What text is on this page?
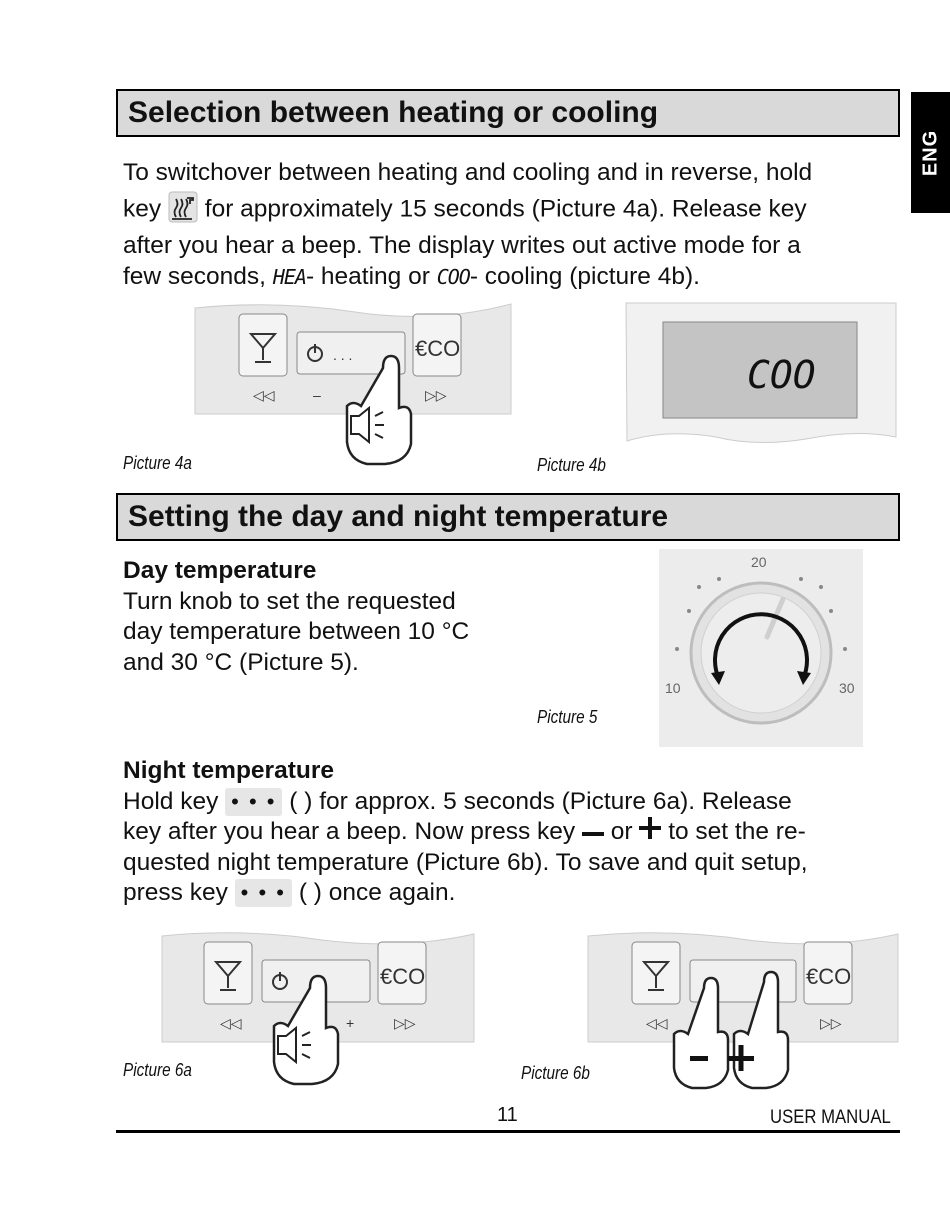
ENG
Selection between heating or cooling

To switchover between heating and cooling and in reverse, hold

key for approximately 15 seconds (Picture 4a). Release key

after you hear a beep. The display writes out active mode for a

few seconds, HEA- heating or COO- cooling (picture 4b).

. . .	€CO
◁◁	–	▷▷
Picture 4a
COO
Picture 4b
Setting the day and night temperature

Day temperature

Turn knob to set the requested

day temperature between 10 °C

and 30 °C (Picture 5).

20
10	30
Picture 5

Night temperature

Hold key • • • ( ) for approx. 5 seconds (Picture 6a). Release

key after you hear a beep. Now press key or to set the re-

quested night temperature (Picture 6b). To save and quit setup,

press key • • • ( ) once again.

€CO
◁◁	+	▷▷
Picture 6a
€CO
◁◁	▷▷
Picture 6b
11	USER MANUAL
